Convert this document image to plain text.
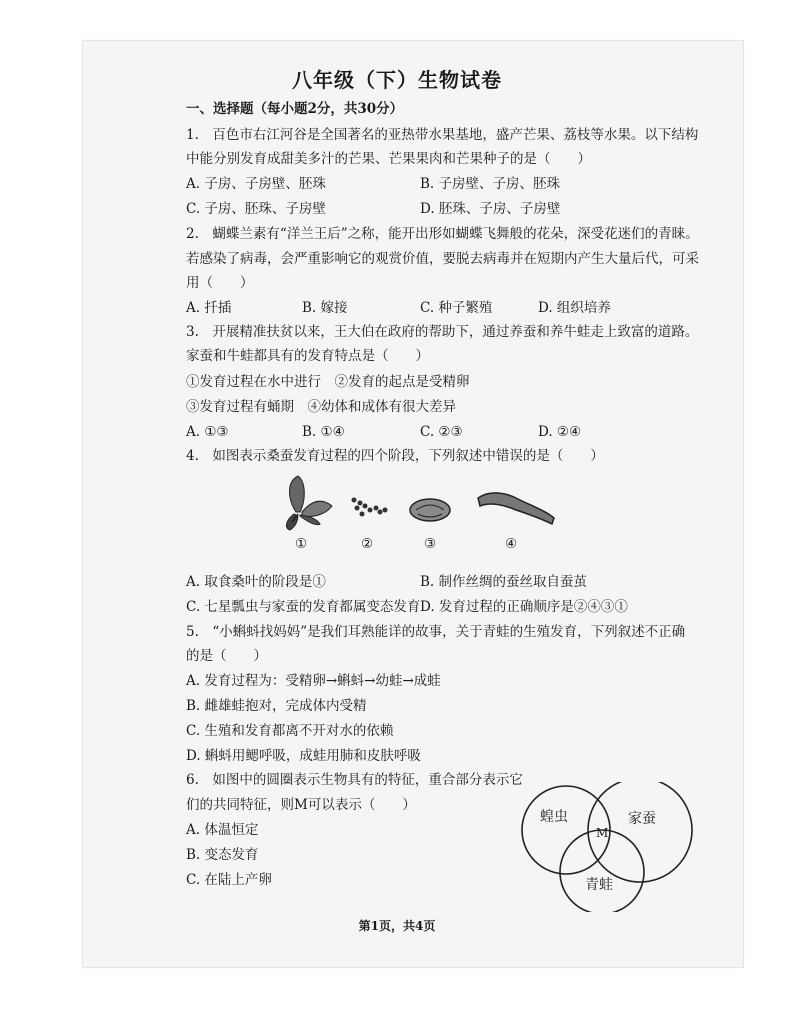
八年级（下）生物试卷
一、选择题（每小题2分，共30分）
1.　百色市右江河谷是全国著名的亚热带水果基地，盛产芒果、荔枝等水果。以下结构
中能分别发育成甜美多汁的芒果、芒果果肉和芒果种子的是（　　）
A. 子房、子房壁、胚珠	B. 子房壁、子房、胚珠
C. 子房、胚珠、子房壁	D. 胚珠、子房、子房壁
2.　蝴蝶兰素有“洋兰王后”之称，能开出形如蝴蝶飞舞般的花朵，深受花迷们的青睐。
若感染了病毒，会严重影响它的观赏价值，要脱去病毒并在短期内产生大量后代，可采
用（　　）
A. 扦插	B. 嫁接	C. 种子繁殖	D. 组织培养
3.　开展精准扶贫以来，王大伯在政府的帮助下，通过养蚕和养牛蛙走上致富的道路。
家蚕和牛蛙都具有的发育特点是（　　）
①发育过程在水中进行　②发育的起点是受精卵
③发育过程有蛹期　④幼体和成体有很大差异
A. ①③	B. ①④	C. ②③	D. ②④
4.　如图表示桑蚕发育过程的四个阶段，下列叙述中错误的是（　　）
①	②	③	④
A. 取食桑叶的阶段是①	B. 制作丝绸的蚕丝取自蚕茧
C. 七星瓢虫与家蚕的发育都属变态发育 D. 发育过程的正确顺序是②④③①
5.　“小蝌蚪找妈妈”是我们耳熟能详的故事，关于青蛙的生殖发育，下列叙述不正确
的是（　　）
A. 发育过程为：受精卵→蝌蚪→幼蛙→成蛙
B. 雌雄蛙抱对，完成体内受精
C. 生殖和发育都离不开对水的依赖
D. 蝌蚪用鳃呼吸，成蛙用肺和皮肤呼吸
6.　如图中的圆圈表示生物具有的特征，重合部分表示它
们的共同特征，则M可以表示（　　）
A. 体温恒定
B. 变态发育
C. 在陆上产卵
蝗虫	家蚕
青蛙
M
第1页，共4页
